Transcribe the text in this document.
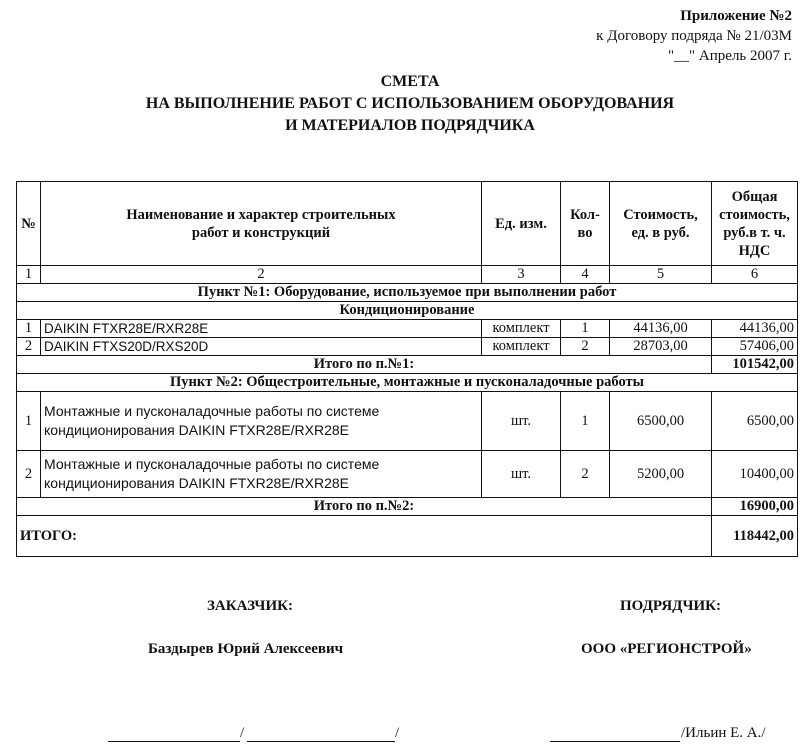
Приложение №2
к Договору подряда № 21/03М
"__" Апрель 2007 г.
СМЕТА
НА ВЫПОЛНЕНИЕ РАБОТ С ИСПОЛЬЗОВАНИЕМ ОБОРУДОВАНИЯ
И МАТЕРИАЛОВ ПОДРЯДЧИКА
№	Наименование и характер строительных работ и конструкций	Ед. изм.	Кол-во	Стоимость, ед. в руб.	Общая стоимость, руб.в т. ч. НДС
1	2	3	4	5	6
Пункт №1: Оборудование, используемое при выполнении работ					
Кондиционирование					
1	DAIKIN FTXR28E/RXR28E	комплект	1	44136,00	44136,00
2	DAIKIN FTXS20D/RXS20D	комплект	2	28703,00	57406,00
Итого по п.№1:					101542,00
Пункт №2: Общестроительные, монтажные и пусконаладочные работы					
1	Монтажные и пусконаладочные работы по системе
кондиционирования DAIKIN FTXR28E/RXR28E	шт.	1	6500,00	6500,00
2	Монтажные и пусконаладочные работы по системе
кондиционирования DAIKIN FTXR28E/RXR28E	шт.	2	5200,00	10400,00
Итого по п.№2:					16900,00
ИТОГО:					118442,00
ЗАКАЗЧИК:	ПОДРЯДЧИК:
Баздырев Юрий Алексеевич	ООО «РЕГИОНСТРОЙ»
/	/	/Ильин Е. А./
